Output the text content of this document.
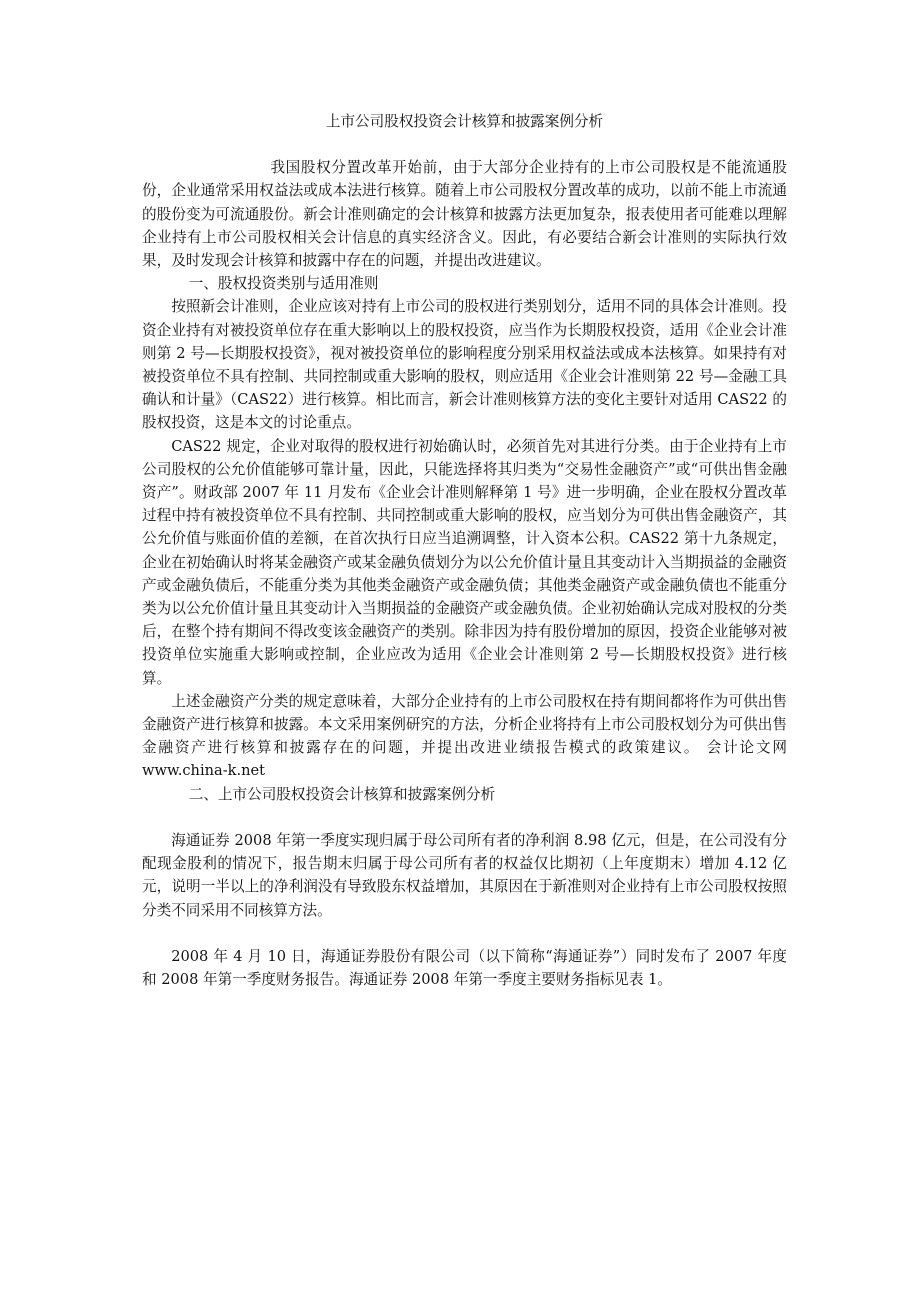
上市公司股权投资会计核算和披露案例分析

我国股权分置改革开始前，由于大部分企业持有的上市公司股权是不能流通股份，企业通常采用权益法或成本法进行核算。随着上市公司股权分置改革的成功，以前不能上市流通的股份变为可流通股份。新会计准则确定的会计核算和披露方法更加复杂，报表使用者可能难以理解企业持有上市公司股权相关会计信息的真实经济含义。因此，有必要结合新会计准则的实际执行效果，及时发现会计核算和披露中存在的问题，并提出改进建议。

一、股权投资类别与适用准则

按照新会计准则，企业应该对持有上市公司的股权进行类别划分，适用不同的具体会计准则。投资企业持有对被投资单位存在重大影响以上的股权投资，应当作为长期股权投资，适用《企业会计准则第 2 号—长期股权投资》，视对被投资单位的影响程度分别采用权益法或成本法核算。如果持有对被投资单位不具有控制、共同控制或重大影响的股权，则应适用《企业会计准则第 22 号—金融工具确认和计量》（CAS22）进行核算。相比而言，新会计准则核算方法的变化主要针对适用 CAS22 的股权投资，这是本文的讨论重点。

CAS22 规定，企业对取得的股权进行初始确认时，必须首先对其进行分类。由于企业持有上市公司股权的公允价值能够可靠计量，因此，只能选择将其归类为“交易性金融资产”或“可供出售金融资产”。财政部 2007 年 11 月发布《企业会计准则解释第 1 号》进一步明确，企业在股权分置改革过程中持有被投资单位不具有控制、共同控制或重大影响的股权，应当划分为可供出售金融资产，其公允价值与账面价值的差额，在首次执行日应当追溯调整，计入资本公积。CAS22 第十九条规定，企业在初始确认时将某金融资产或某金融负债划分为以公允价值计量且其变动计入当期损益的金融资产或金融负债后，不能重分类为其他类金融资产或金融负债；其他类金融资产或金融负债也不能重分类为以公允价值计量且其变动计入当期损益的金融资产或金融负债。企业初始确认完成对股权的分类后，在整个持有期间不得改变该金融资产的类别。除非因为持有股份增加的原因，投资企业能够对被投资单位实施重大影响或控制，企业应改为适用《企业会计准则第 2 号—长期股权投资》进行核算。

上述金融资产分类的规定意味着，大部分企业持有的上市公司股权在持有期间都将作为可供出售金融资产进行核算和披露。本文采用案例研究的方法，分析企业将持有上市公司股权划分为可供出售金融资产进行核算和披露存在的问题，并提出改进业绩报告模式的政策建议。 会计论文网 www.china-k.net

二、上市公司股权投资会计核算和披露案例分析

海通证券 2008 年第一季度实现归属于母公司所有者的净利润 8.98 亿元，但是，在公司没有分配现金股利的情况下，报告期末归属于母公司所有者的权益仅比期初（上年度期末）增加 4.12 亿元，说明一半以上的净利润没有导致股东权益增加，其原因在于新准则对企业持有上市公司股权按照分类不同采用不同核算方法。

2008 年 4 月 10 日，海通证券股份有限公司（以下简称“海通证券”）同时发布了 2007 年度和 2008 年第一季度财务报告。海通证券 2008 年第一季度主要财务指标见表 1。
